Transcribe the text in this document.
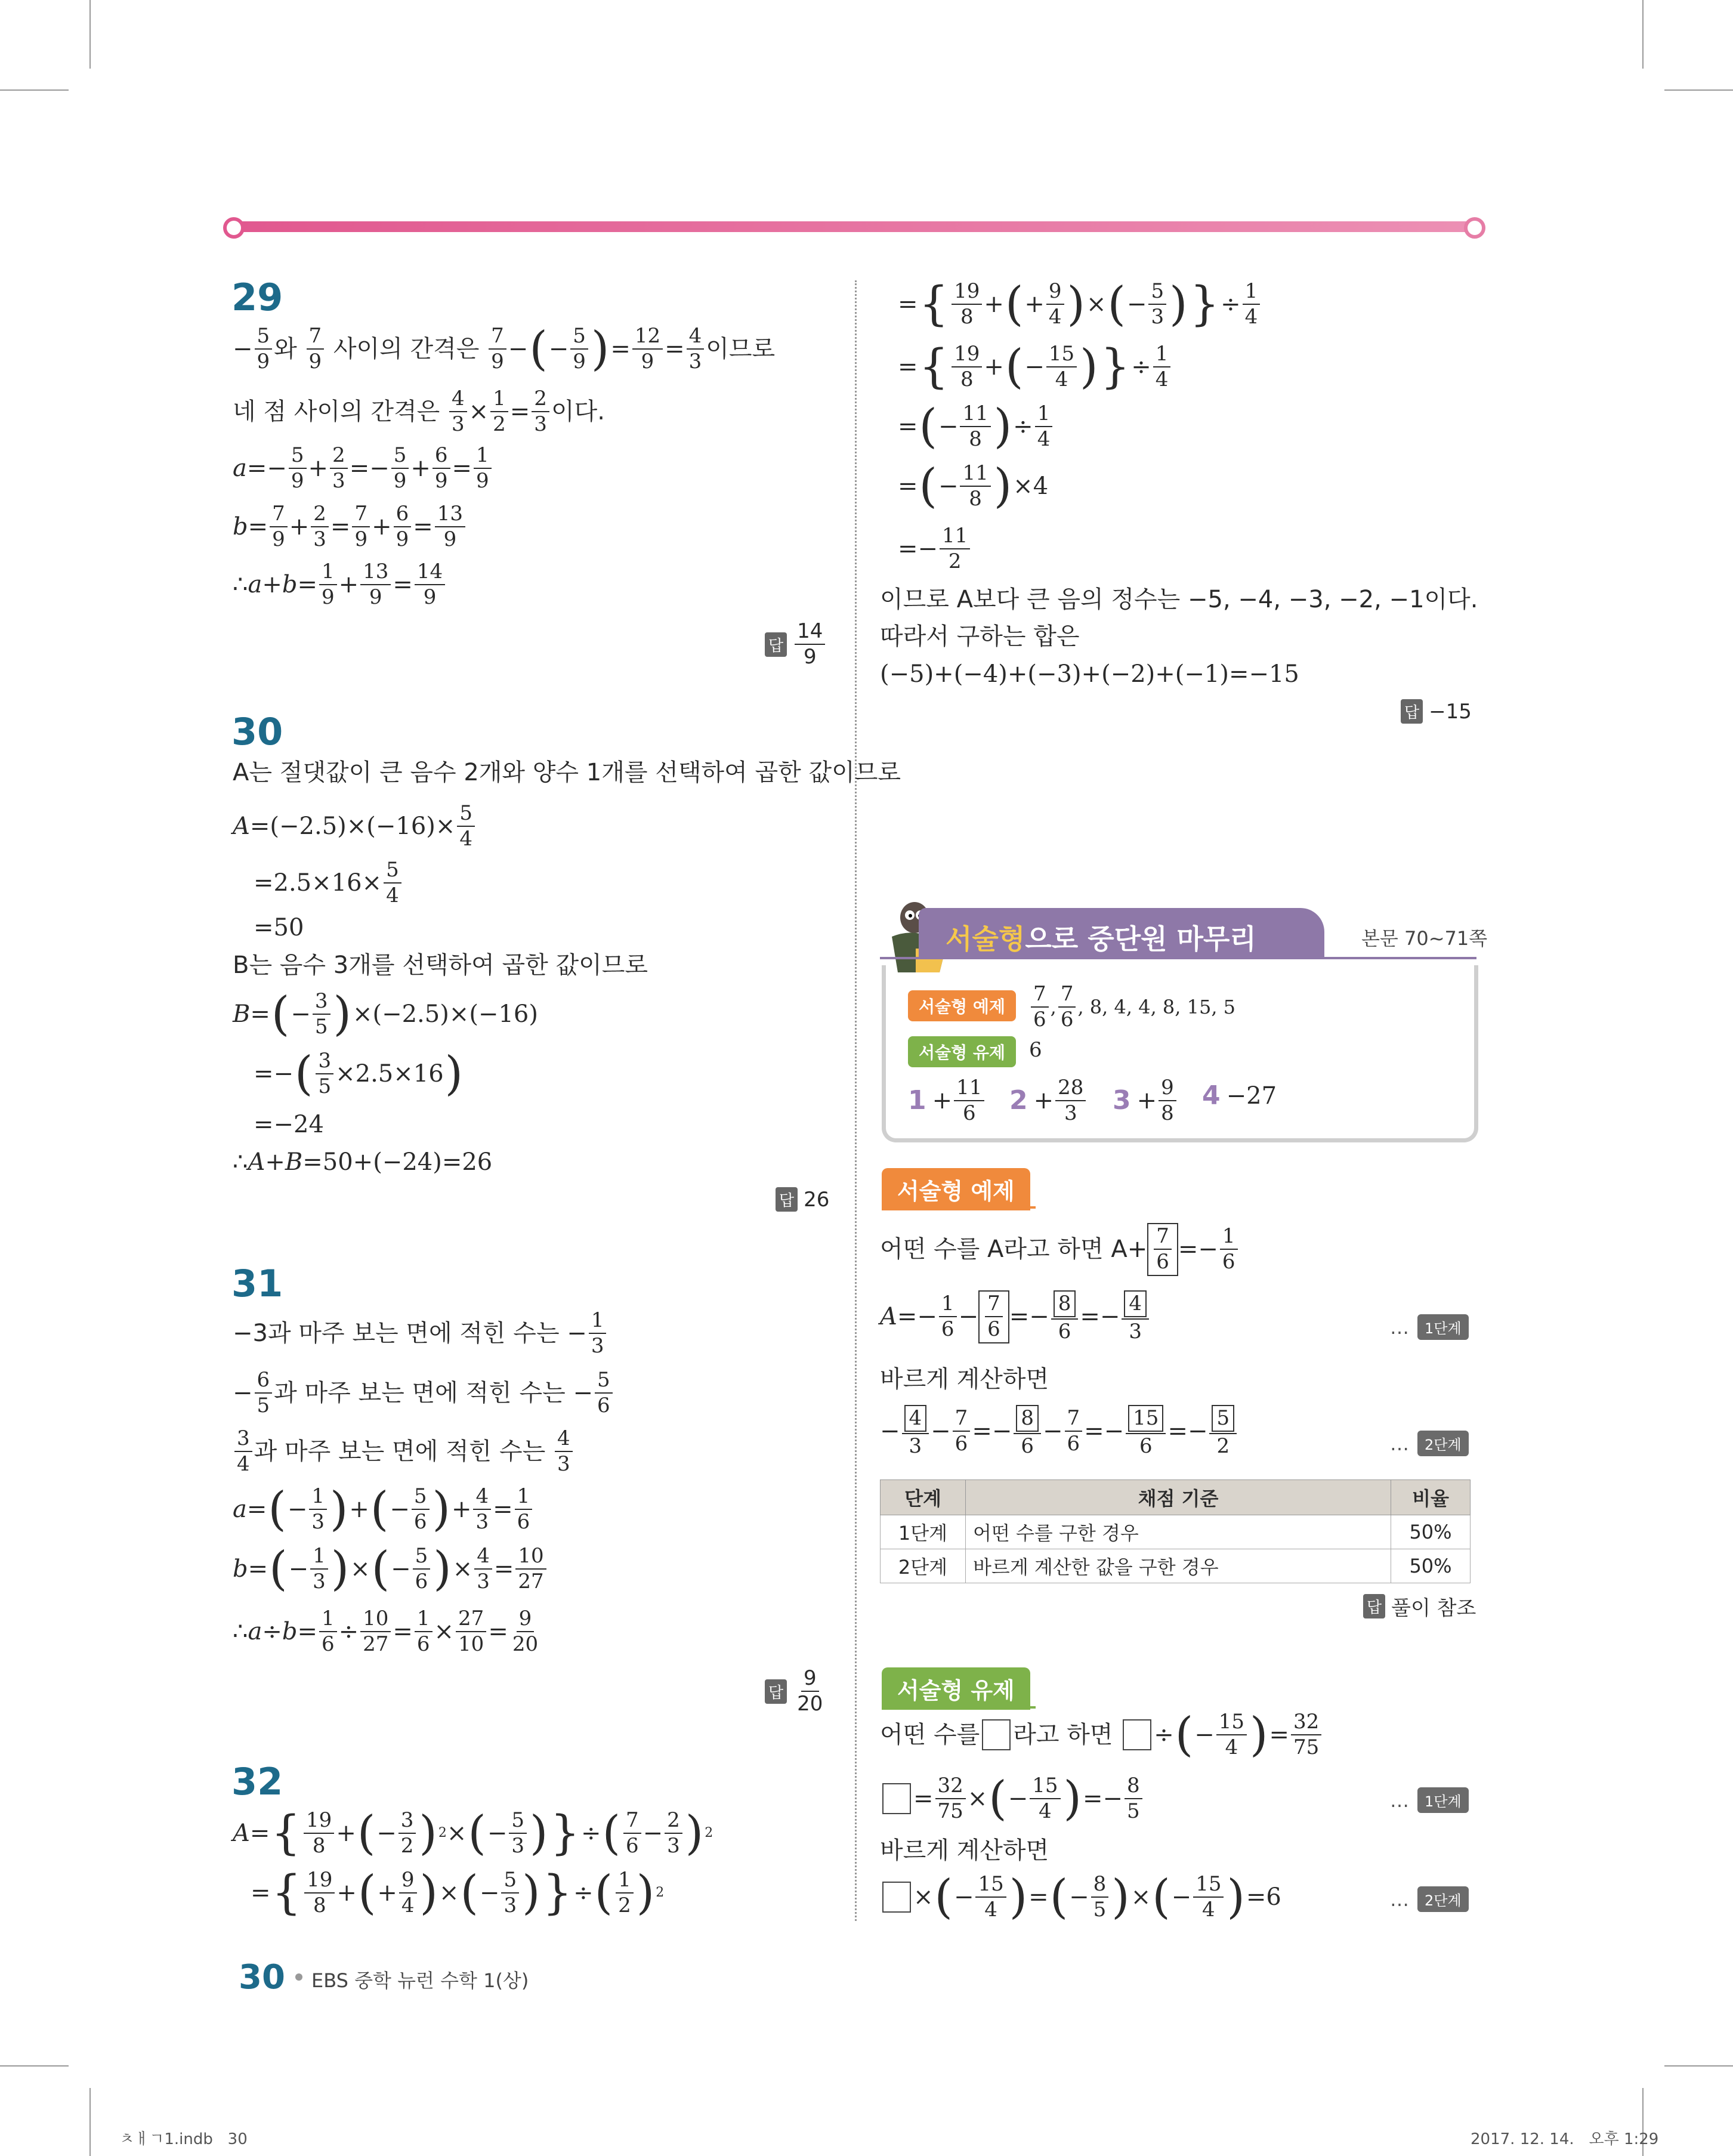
29
− $\frac{5}{9}$ 와
$\frac{7}{9}$
사이의 간격은
$\frac{7}{9}$ − ( − $\frac{5}{9}$ ) = $\frac{12}{9} = \frac{4}{3}$ 이므로
네 점 사이의 간격은
$\frac{4}{3} \times \frac{1}{2} = \frac{2}{3}$ 이다.
$a =- \frac{5}{9} + \frac{2}{3} =- \frac{5}{9} + \frac{6}{9} = \frac{1}{9}$
$b = \frac{7}{9} + \frac{2}{3} = \frac{7}{9} + \frac{6}{9} = \frac{13}{9}$
∴ $a + b = \frac{1}{9} + \frac{13}{9} = \frac{14}{9}$
답 $\frac{14}{9}$
30
A는 절댓값이 큰 음수 2개와 양수 1개를 선택하여 곱한 값이므로
$A =(-2.5)\times(-16)\times \frac{5}{4}$
$=2.5\times 16\times \frac{5}{4}$
=50
B는 음수 3개를 선택하여 곱한 값이므로
B = ( − $\frac{3}{5}$ ) ×(−2.5)×(−16)
=− ( $\frac{3}{5} \times 2.5\times 16$ )
=−24
∴ A + B =50+(−24)=26
답 26
31
−3과 마주 보는 면에 적힌 수는 − $\frac{1}{3}$
− $\frac{6}{5}$ 과 마주 보는 면에 적힌 수는 − $\frac{5}{6}$
$\frac{3}{4}$ 과 마주 보는 면에 적힌 수는
$\frac{4}{3}$
a = ( − $\frac{1}{3}$ ) + ( − $\frac{5}{6}$ ) + $\frac{4}{3} = \frac{1}{6}$
b = ( − $\frac{1}{3}$ ) × ( − $\frac{5}{6}$ ) × $\frac{4}{3} = \frac{10}{27}$
∴ $a \div b = \frac{1}{6} \div \frac{10}{27} = \frac{1}{6} \times \frac{27}{10} = \frac{9}{20}$
답 $\frac{9}{20}$
32
A = { $\frac{19}{8}$ + ( − $\frac{3}{2}$ ) 2 × ( − $\frac{5}{3}$ ) } ÷ ( $\frac{7}{6} - \frac{2}{3}$ ) 2
= { $\frac{19}{8}$ + ( + $\frac{9}{4}$ ) × ( − $\frac{5}{3}$ ) } ÷ ( $\frac{1}{2}$ ) 2
= { $\frac{19}{8}$ + ( + $\frac{9}{4}$ ) × ( − $\frac{5}{3}$ ) } ÷ $\frac{1}{4}$
= { $\frac{19}{8}$ + ( − $\frac{15}{4}$ ) } ÷ $\frac{1}{4}$
= ( − $\frac{11}{8}$ ) ÷ $\frac{1}{4}$
= ( − $\frac{11}{8}$ ) ×4
=− $\frac{11}{2}$
이므로 A보다 큰 음의 정수는 −5, −4, −3, −2, −1이다.
따라서 구하는 합은
(−5)+(−4)+(−3)+(−2)+(−1)=−15
답 −15
서술형으로 중단원 마무리	본문 70~71쪽
서술형 예제	$\frac{7}{6}$ , $\frac{7}{6}$ , 8, 4, 4, 8, 15, 5
서술형 유제	6
$1 + \frac{11}{6} 2 + \frac{28}{3} 3 + \frac{9}{8} 4 -27$
서술형 예제
어떤 수를 A라고 하면 $A+ \frac{7}{6} =- \frac{1}{6}$
$A =- \frac{1}{6} - \frac{7}{6} =- \frac{8}{6} =- \frac{4}{3}$	…	1단계
바르게 계산하면
− $\frac{4}{3} - \frac{7}{6} =- \frac{8}{6} - \frac{7}{6} =- \frac{15}{6} =- \frac{5}{2}$	…	2단계
단계	채점 기준	비율
1단계	어떤 수를 구한 경우	50%
2단계	바르게 계산한 값을 구한 경우	50%
답 풀이 참조
서술형 유제
어떤 수를 라고 하면
÷ ( − $\frac{15}{4}$ ) = $\frac{32}{75}$
= $\frac{32}{75}$ × ( − $\frac{15}{4}$ ) =− $\frac{8}{5}$	…	1단계
바르게 계산하면
× ( − $\frac{15}{4}$ ) = ( − $\frac{8}{5}$ ) × ( − $\frac{15}{4}$ ) =6	…	2단계
30 EBS 중학 뉴런 수학 1(상)
ㅊㅐㄱ1.indb   30	2017. 12. 14.   오후 1:29
